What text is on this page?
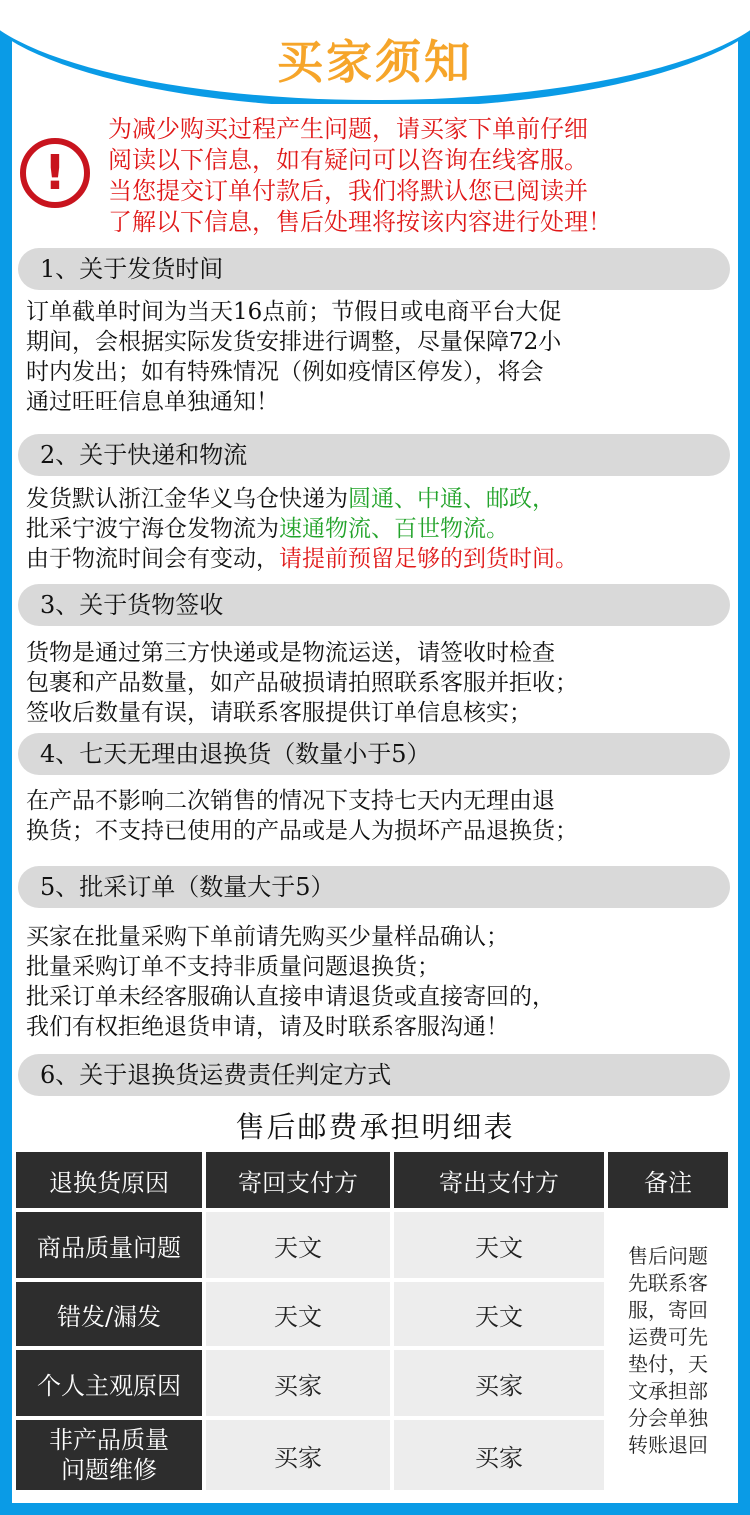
买家须知
!
为减少购买过程产生问题，请买家下单前仔细
阅读以下信息，如有疑问可以咨询在线客服。
当您提交订单付款后，我们将默认您已阅读并
了解以下信息，售后处理将按该内容进行处理！
1、关于发货时间
订单截单时间为当天16点前；节假日或电商平台大促
期间，会根据实际发货安排进行调整，尽量保障72小
时内发出；如有特殊情况（例如疫情区停发），将会
通过旺旺信息单独通知！
2、关于快递和物流
发货默认浙江金华义乌仓快递为圆通、中通、邮政，
批采宁波宁海仓发物流为速通物流、百世物流。
由于物流时间会有变动，请提前预留足够的到货时间。
3、关于货物签收
货物是通过第三方快递或是物流运送，请签收时检查
包裹和产品数量，如产品破损请拍照联系客服并拒收；
签收后数量有误，请联系客服提供订单信息核实；
4、七天无理由退换货（数量小于5）
在产品不影响二次销售的情况下支持七天内无理由退
换货；不支持已使用的产品或是人为损坏产品退换货；
5、批采订单（数量大于5）
买家在批量采购下单前请先购买少量样品确认；
批量采购订单不支持非质量问题退换货；
批采订单未经客服确认直接申请退货或直接寄回的，
我们有权拒绝退货申请，请及时联系客服沟通！
6、关于退换货运费责任判定方式
售后邮费承担明细表
退换货原因	寄回支付方	寄出支付方	备注
商品质量问题	天文	天文
错发/漏发	天文	天文
个人主观原因	买家	买家
非产品质量
问题维修	买家	买家
售后问题
先联系客
服，寄回
运费可先
垫付，天
文承担部
分会单独
转账退回
